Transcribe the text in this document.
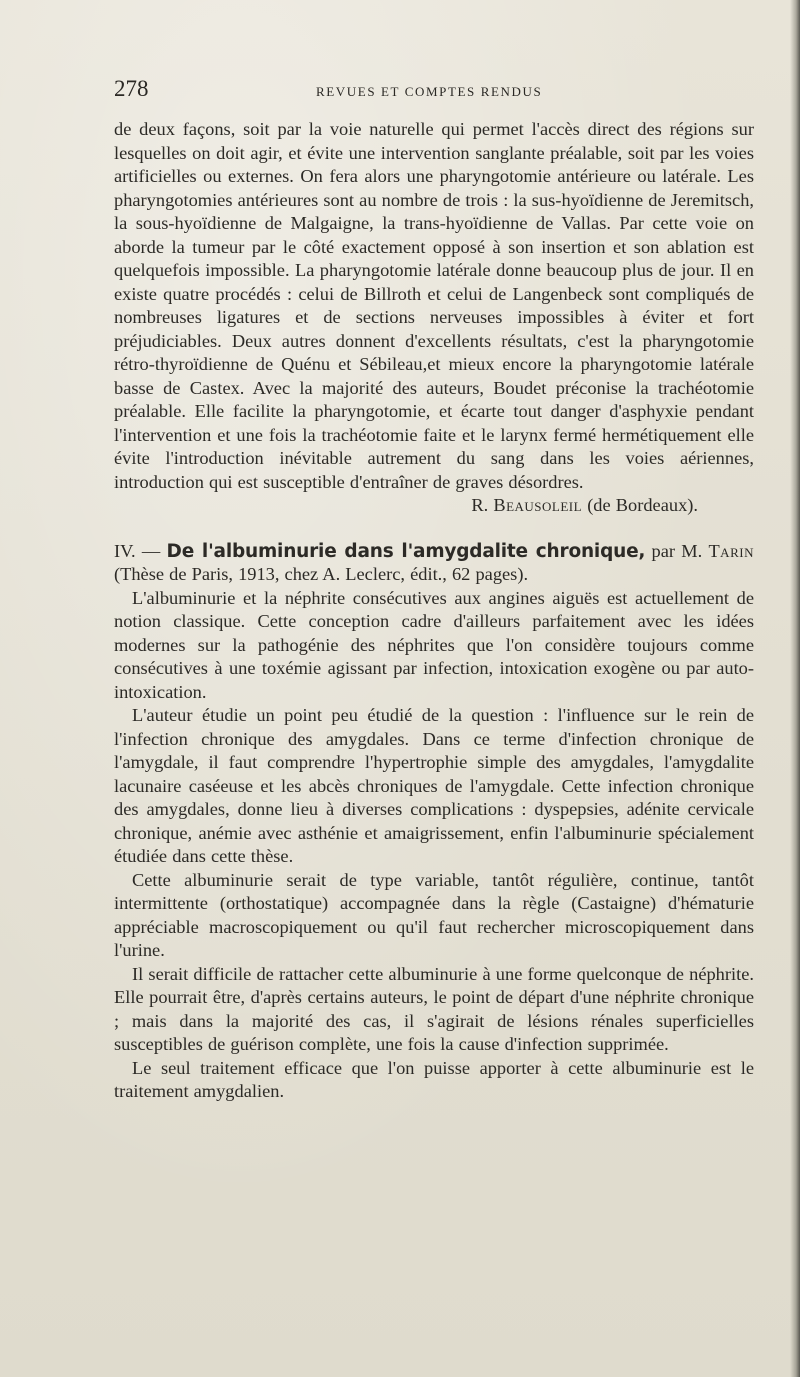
278	REVUES ET COMPTES RENDUS

de deux façons, soit par la voie naturelle qui permet l'accès direct des régions sur lesquelles on doit agir, et évite une intervention sanglante préalable, soit par les voies artificielles ou externes. On fera alors une pharyngotomie antérieure ou latérale. Les pharyngotomies antérieures sont au nombre de trois : la sus-hyoïdienne de Jeremitsch, la sous-hyoïdienne de Malgaigne, la trans-hyoïdienne de Vallas. Par cette voie on aborde la tumeur par le côté exactement opposé à son insertion et son ablation est quelquefois impossible. La pharyngotomie latérale donne beaucoup plus de jour. Il en existe quatre procédés : celui de Billroth et celui de Langenbeck sont compliqués de nombreuses ligatures et de sections nerveuses impossibles à éviter et fort préjudiciables. Deux autres donnent d'excellents résultats, c'est la pharyngotomie rétro-thyroïdienne de Quénu et Sébileau,et mieux encore la pharyngotomie latérale basse de Castex. Avec la majorité des auteurs, Boudet préconise la trachéotomie préalable. Elle facilite la pharyngotomie, et écarte tout danger d'asphyxie pendant l'intervention et une fois la trachéotomie faite et le larynx fermé hermétiquement elle évite l'introduction inévitable autrement du sang dans les voies aériennes, introduction qui est susceptible d'entraîner de graves désordres.

R. Beausoleil (de Bordeaux).

IV. — De l'albuminurie dans l'amygdalite chronique, par M. Tarin (Thèse de Paris, 1913, chez A. Leclerc, édit., 62 pages).

L'albuminurie et la néphrite consécutives aux angines aiguës est actuellement de notion classique. Cette conception cadre d'ailleurs parfaitement avec les idées modernes sur la pathogénie des néphrites que l'on considère toujours comme consécutives à une toxémie agissant par infection, intoxication exogène ou par auto-intoxication.

L'auteur étudie un point peu étudié de la question : l'influence sur le rein de l'infection chronique des amygdales. Dans ce terme d'infection chronique de l'amygdale, il faut comprendre l'hypertrophie simple des amygdales, l'amygdalite lacunaire caséeuse et les abcès chroniques de l'amygdale. Cette infection chronique des amygdales, donne lieu à diverses complications : dyspepsies, adénite cervicale chronique, anémie avec asthénie et amaigrissement, enfin l'albuminurie spécialement étudiée dans cette thèse.

Cette albuminurie serait de type variable, tantôt régulière, continue, tantôt intermittente (orthostatique) accompagnée dans la règle (Castaigne) d'hématurie appréciable macroscopiquement ou qu'il faut rechercher microscopiquement dans l'urine.

Il serait difficile de rattacher cette albuminurie à une forme quelconque de néphrite. Elle pourrait être, d'après certains auteurs, le point de départ d'une néphrite chronique ; mais dans la majorité des cas, il s'agirait de lésions rénales superficielles susceptibles de guérison complète, une fois la cause d'infection supprimée.

Le seul traitement efficace que l'on puisse apporter à cette albuminurie est le traitement amygdalien.
